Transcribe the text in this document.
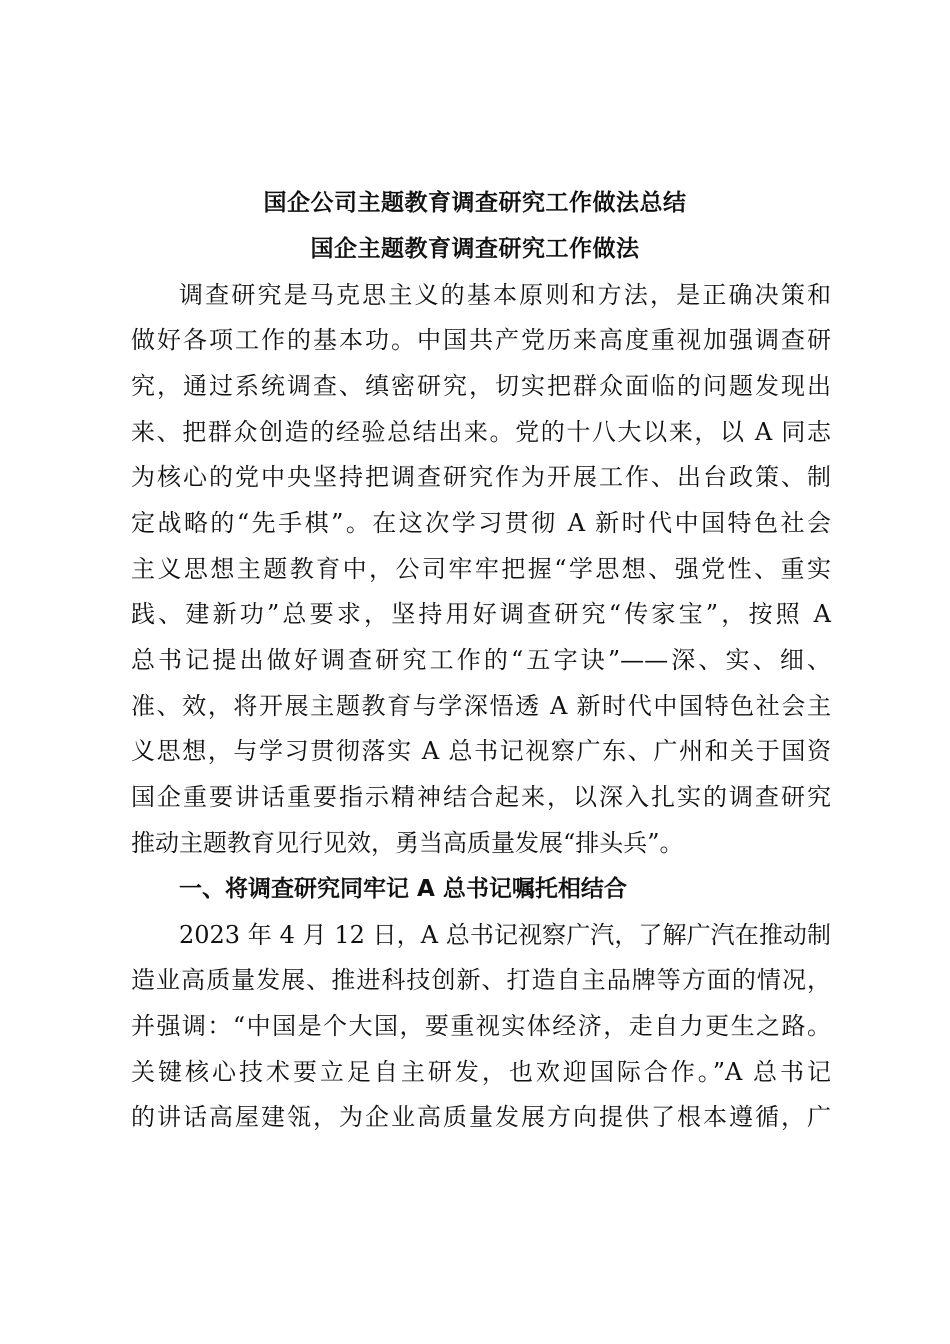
国企公司主题教育调查研究工作做法总结
国企主题教育调查研究工作做法
调查研究是马克思主义的基本原则和方法，是正确决策和
做好各项工作的基本功。中国共产党历来高度重视加强调查研
究，通过系统调查、缜密研究，切实把群众面临的问题发现出
来、把群众创造的经验总结出来。党的十八大以来，以 A 同志
为核心的党中央坚持把调查研究作为开展工作、出台政策、制
定战略的“先手棋”。在这次学习贯彻 A 新时代中国特色社会
主义思想主题教育中，公司牢牢把握“学思想、强党性、重实
践、建新功”总要求，坚持用好调查研究“传家宝”，按照 A
总书记提出做好调查研究工作的“五字诀”——深、实、细、
准、效，将开展主题教育与学深悟透 A 新时代中国特色社会主
义思想，与学习贯彻落实 A 总书记视察广东、广州和关于国资
国企重要讲话重要指示精神结合起来，以深入扎实的调查研究
推动主题教育见行见效，勇当高质量发展“排头兵”。
一、将调查研究同牢记 A 总书记嘱托相结合
2023 年 4 月 12 日，A 总书记视察广汽，了解广汽在推动制
造业高质量发展、推进科技创新、打造自主品牌等方面的情况，
并强调：“中国是个大国，要重视实体经济，走自力更生之路。
关键核心技术要立足自主研发，也欢迎国际合作。”A 总书记
的讲话高屋建瓴，为企业高质量发展方向提供了根本遵循，广
